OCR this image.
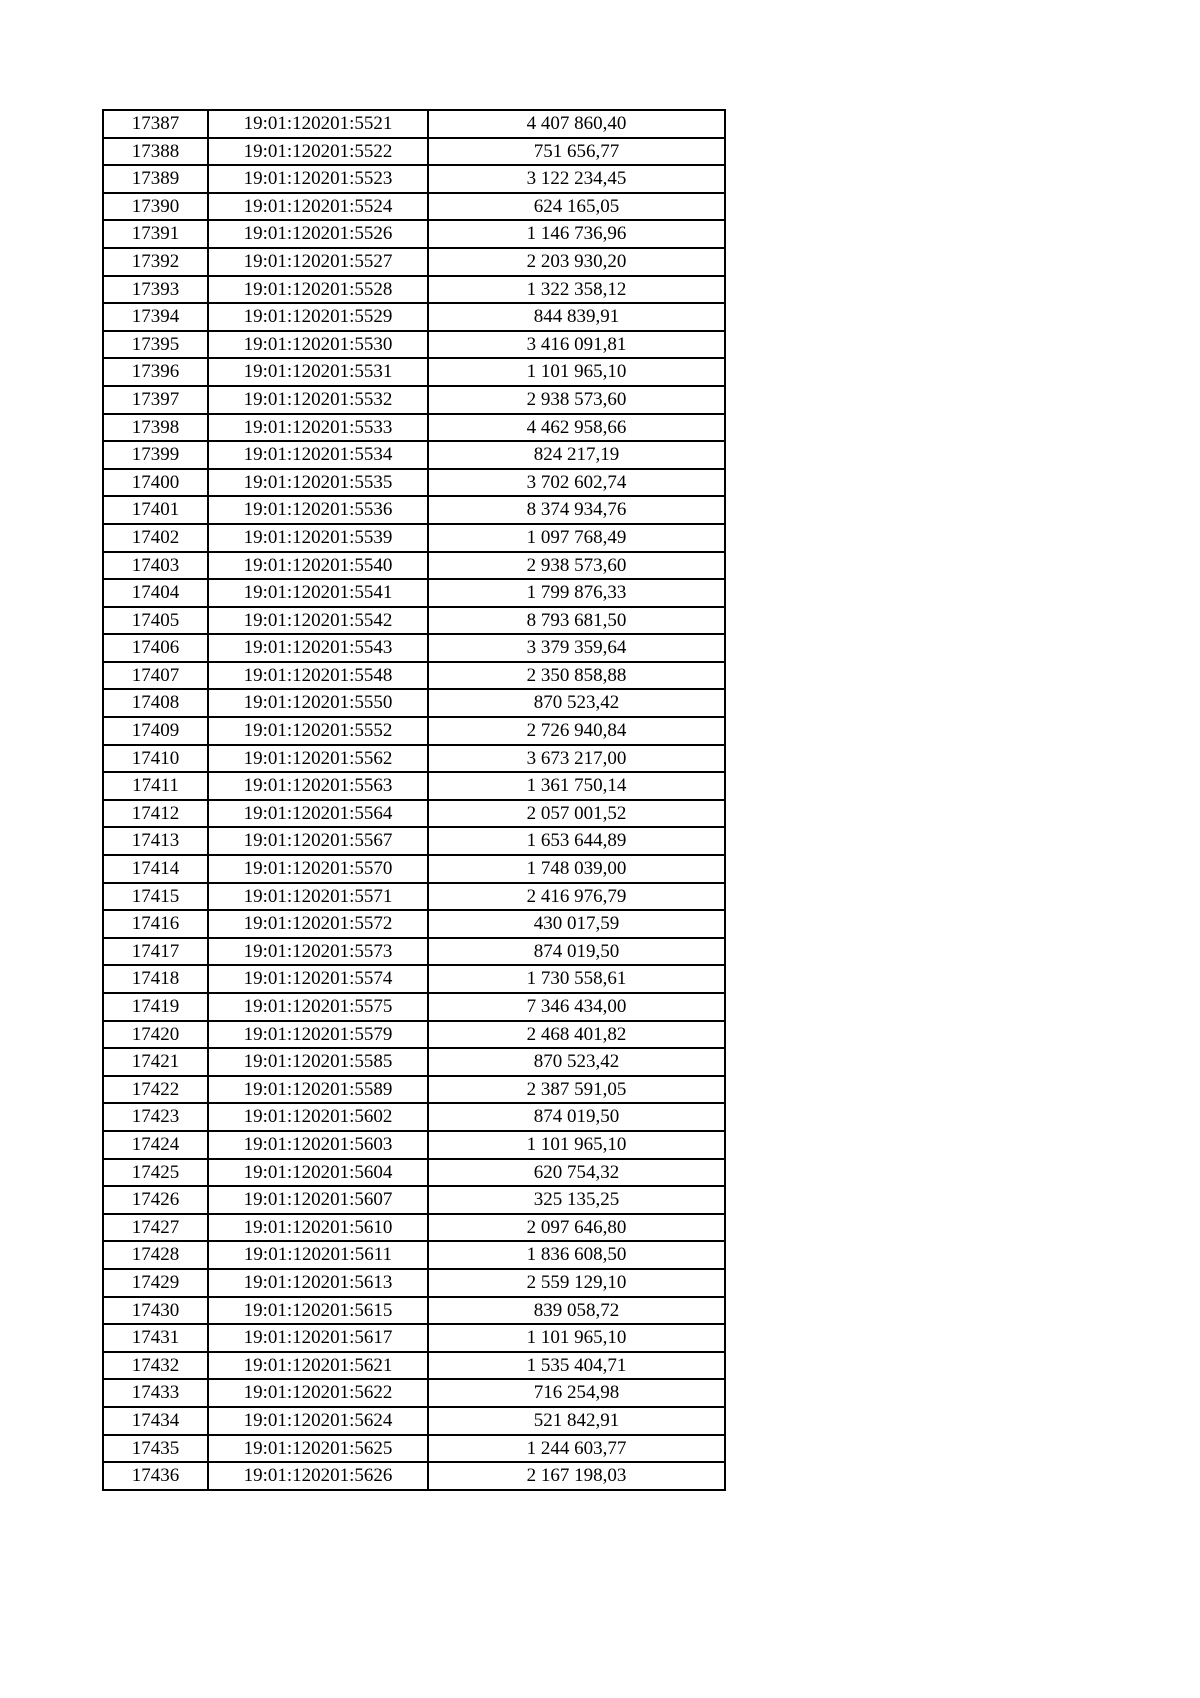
17387	19:01:120201:5521	4 407 860,40
17388	19:01:120201:5522	751 656,77
17389	19:01:120201:5523	3 122 234,45
17390	19:01:120201:5524	624 165,05
17391	19:01:120201:5526	1 146 736,96
17392	19:01:120201:5527	2 203 930,20
17393	19:01:120201:5528	1 322 358,12
17394	19:01:120201:5529	844 839,91
17395	19:01:120201:5530	3 416 091,81
17396	19:01:120201:5531	1 101 965,10
17397	19:01:120201:5532	2 938 573,60
17398	19:01:120201:5533	4 462 958,66
17399	19:01:120201:5534	824 217,19
17400	19:01:120201:5535	3 702 602,74
17401	19:01:120201:5536	8 374 934,76
17402	19:01:120201:5539	1 097 768,49
17403	19:01:120201:5540	2 938 573,60
17404	19:01:120201:5541	1 799 876,33
17405	19:01:120201:5542	8 793 681,50
17406	19:01:120201:5543	3 379 359,64
17407	19:01:120201:5548	2 350 858,88
17408	19:01:120201:5550	870 523,42
17409	19:01:120201:5552	2 726 940,84
17410	19:01:120201:5562	3 673 217,00
17411	19:01:120201:5563	1 361 750,14
17412	19:01:120201:5564	2 057 001,52
17413	19:01:120201:5567	1 653 644,89
17414	19:01:120201:5570	1 748 039,00
17415	19:01:120201:5571	2 416 976,79
17416	19:01:120201:5572	430 017,59
17417	19:01:120201:5573	874 019,50
17418	19:01:120201:5574	1 730 558,61
17419	19:01:120201:5575	7 346 434,00
17420	19:01:120201:5579	2 468 401,82
17421	19:01:120201:5585	870 523,42
17422	19:01:120201:5589	2 387 591,05
17423	19:01:120201:5602	874 019,50
17424	19:01:120201:5603	1 101 965,10
17425	19:01:120201:5604	620 754,32
17426	19:01:120201:5607	325 135,25
17427	19:01:120201:5610	2 097 646,80
17428	19:01:120201:5611	1 836 608,50
17429	19:01:120201:5613	2 559 129,10
17430	19:01:120201:5615	839 058,72
17431	19:01:120201:5617	1 101 965,10
17432	19:01:120201:5621	1 535 404,71
17433	19:01:120201:5622	716 254,98
17434	19:01:120201:5624	521 842,91
17435	19:01:120201:5625	1 244 603,77
17436	19:01:120201:5626	2 167 198,03
